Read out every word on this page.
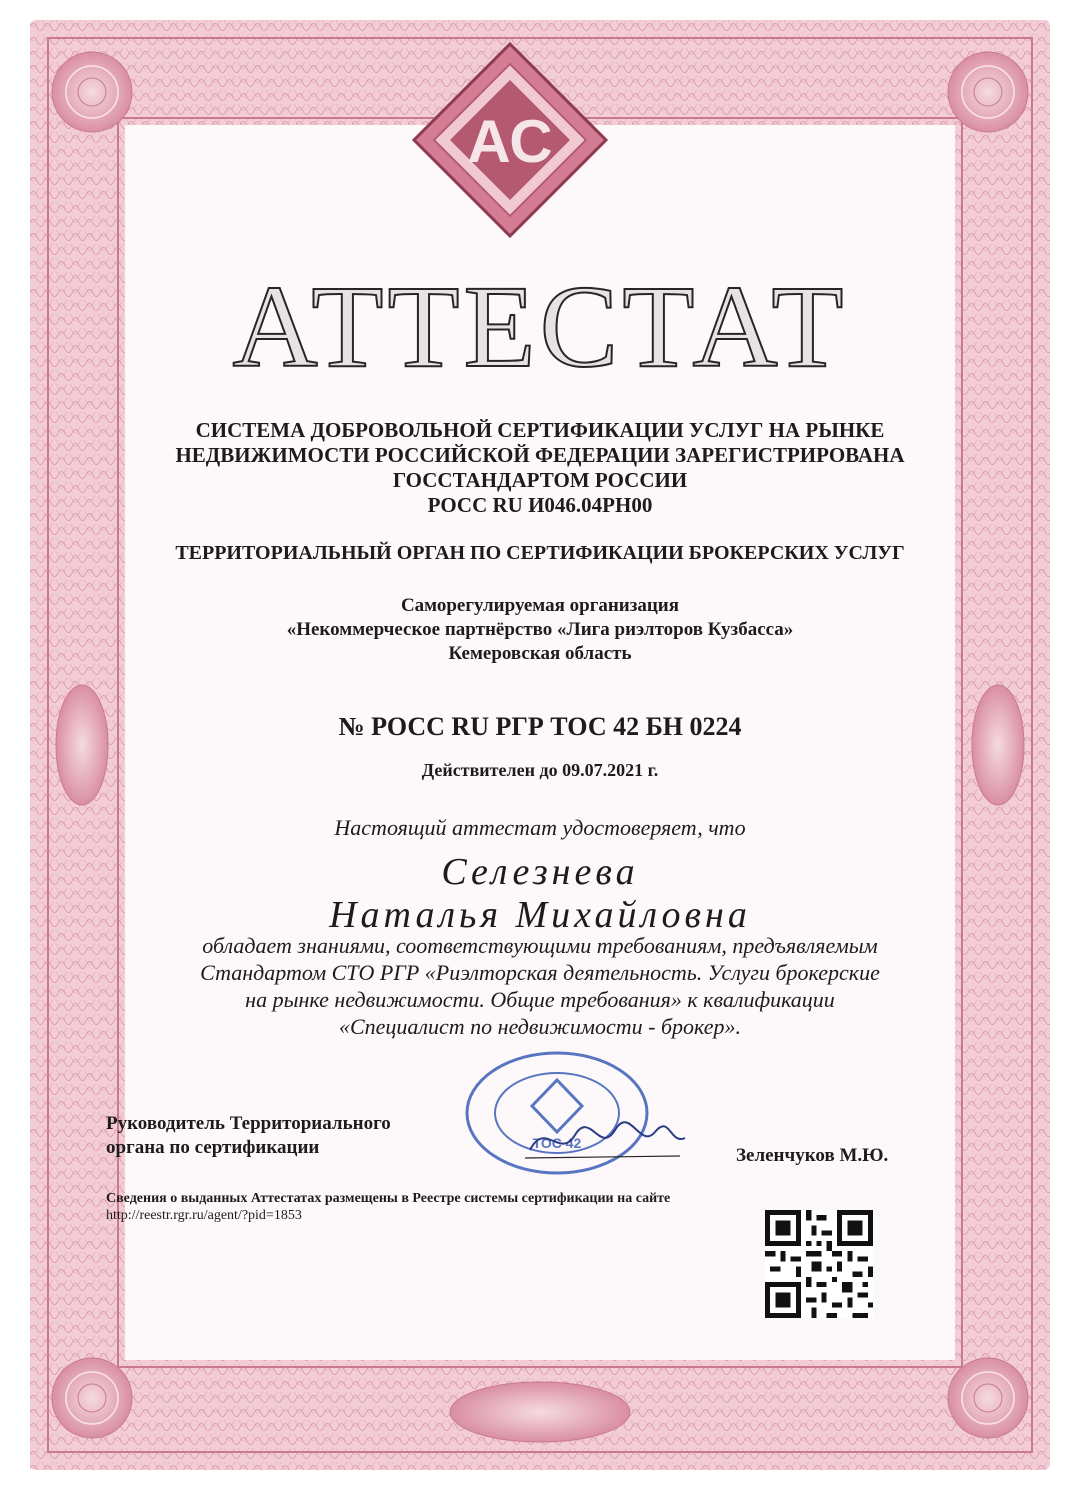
АС
АТТЕСТАТ
СИСТЕМА ДОБРОВОЛЬНОЙ СЕРТИФИКАЦИИ УСЛУГ НА РЫНКЕ
НЕДВИЖИМОСТИ РОССИЙСКОЙ ФЕДЕРАЦИИ ЗАРЕГИСТРИРОВАНА
ГОССТАНДАРТОМ РОССИИ
РОСС RU И046.04РН00
ТЕРРИТОРИАЛЬНЫЙ ОРГАН ПО СЕРТИФИКАЦИИ БРОКЕРСКИХ УСЛУГ
Саморегулируемая организация
«Некоммерческое партнёрство «Лига риэлторов Кузбасса»
Кемеровская область
№ РОСС RU РГР ТОС 42 БН 0224
Действителен до 09.07.2021 г.
Настоящий аттестат удостоверяет, что
Селезнева
Наталья Михайловна
обладает знаниями, соответствующими требованиям, предъявляемым
Стандартом СТО РГР «Риэлторская деятельность. Услуги брокерские
на рынке недвижимости. Общие требования» к квалификации
«Специалист по недвижимости - брокер».
Руководитель Территориального
органа по сертификации	ТОС 42
Зеленчуков М.Ю.
Сведения о выданных Аттестатах размещены в Реестре системы сертификации на сайте
http://reestr.rgr.ru/agent/?pid=1853
